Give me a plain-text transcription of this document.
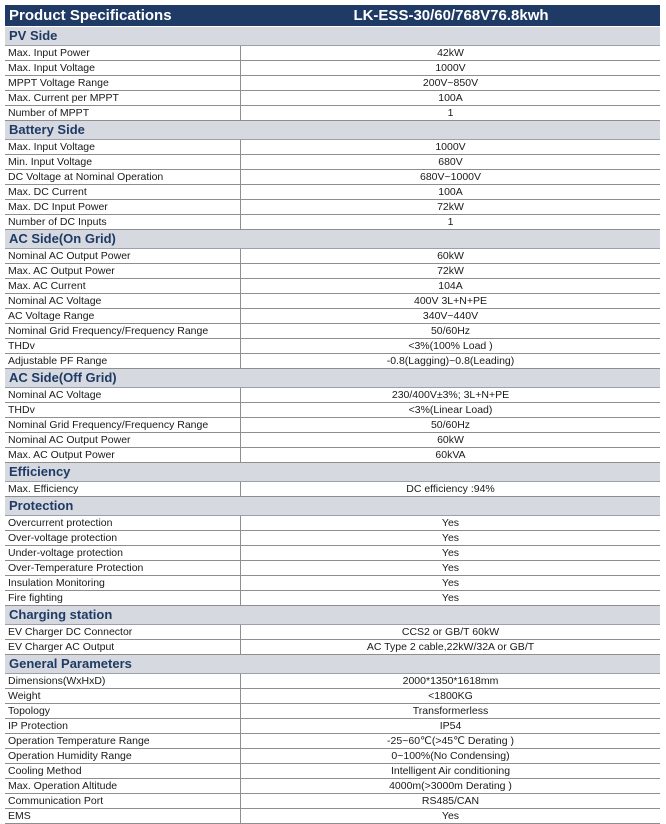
Product Specifications	LK-ESS-30/60/768V76.8kwh
PV Side
Max. Input Power	42kW
Max. Input Voltage	1000V
MPPT Voltage Range	200V~850V
Max. Current per MPPT	100A
Number of MPPT	1
Battery Side
Max. Input Voltage	1000V
Min. Input Voltage	680V
DC Voltage at Nominal Operation	680V~1000V
Max. DC Current	100A
Max. DC Input Power	72kW
Number of DC Inputs	1
AC Side(On Grid)
Nominal AC Output Power	60kW
Max. AC Output Power	72kW
Max. AC Current	104A
Nominal AC Voltage	400V 3L+N+PE
AC Voltage Range	340V~440V
Nominal Grid Frequency/Frequency Range	50/60Hz
THDv	<3%(100% Load )
Adjustable PF Range	-0.8(Lagging)~0.8(Leading)
AC Side(Off Grid)
Nominal AC Voltage	230/400V±3%; 3L+N+PE
THDv	<3%(Linear Load)
Nominal Grid Frequency/Frequency Range	50/60Hz
Nominal AC Output Power	60kW
Max. AC Output Power	60kVA
Efficiency
Max. Efficiency	DC efficiency :94%
Protection
Overcurrent protection	Yes
Over-voltage protection	Yes
Under-voltage protection	Yes
Over-Temperature Protection	Yes
Insulation Monitoring	Yes
Fire fighting	Yes
Charging station
EV Charger DC Connector	CCS2 or GB/T 60kW
EV Charger AC Output	AC Type 2 cable,22kW/32A or GB/T
General Parameters
Dimensions(WxHxD)	2000*1350*1618mm
Weight	<1800KG
Topology	Transformerless
IP Protection	IP54
Operation Temperature Range	-25~60℃(>45℃ Derating )
Operation Humidity Range	0~100%(No Condensing)
Cooling Method	Intelligent Air conditioning
Max. Operation Altitude	4000m(>3000m Derating )
Communication Port	RS485/CAN
EMS	Yes
